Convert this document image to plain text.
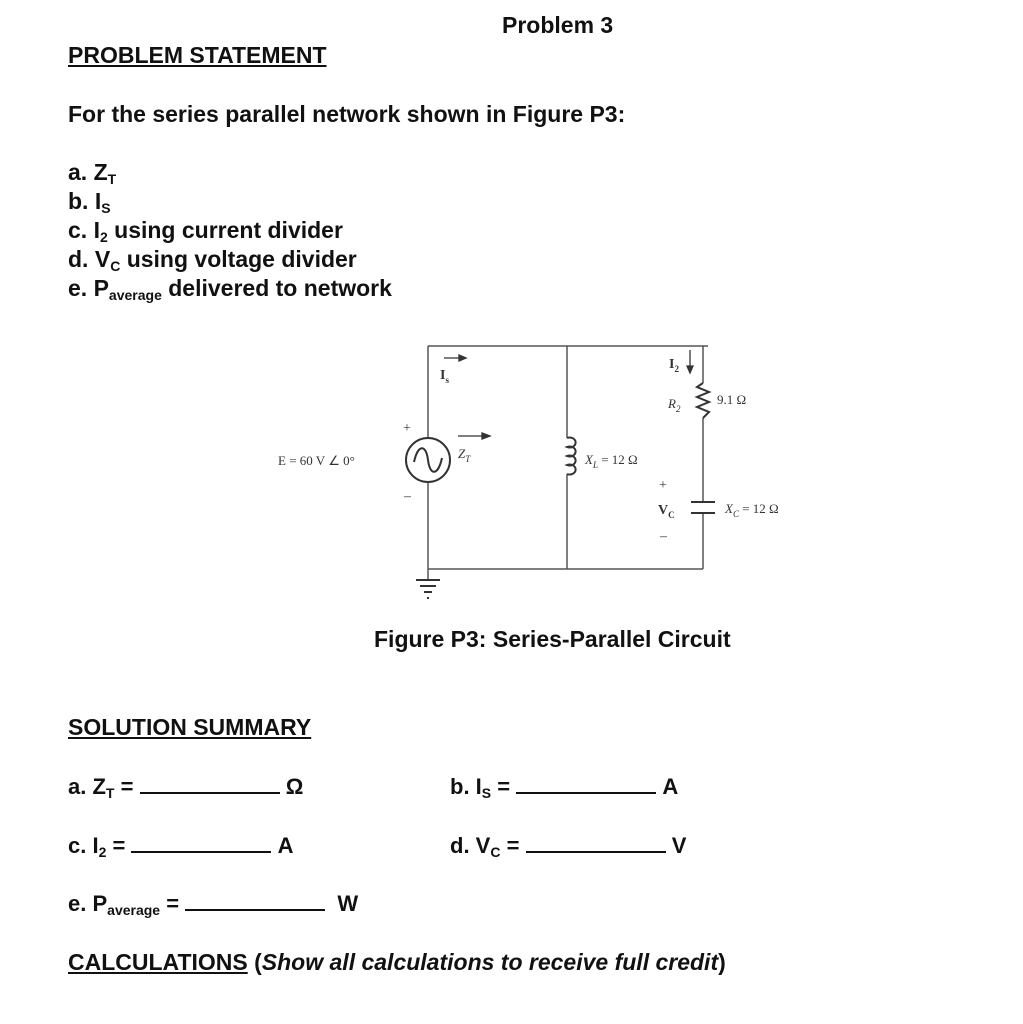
Problem 3
PROBLEM STATEMENT
For the series parallel network shown in Figure P3:
a. $Z_T$
b. $I_S$
c. $I_2$ using current divider
d. $V_C$ using voltage divider
e. $P_{average}$ delivered to network
E = 60 V ∠ 0°
+
–
$I_s$
$Z_T$
$I_2$
$R_2$
9.1 Ω
$X_L = 12$ Ω
+
$V_C$
–
$X_C = 12$ Ω
Figure P3: Series-Parallel Circuit
SOLUTION SUMMARY
a. $Z_T$ =	Ω	b. $I_S$ =	A
c. $I_2$ =	A	d. $V_C$ =	V
e. $P_{average}$ =	W
CALCULATIONS (Show all calculations to receive full credit)
